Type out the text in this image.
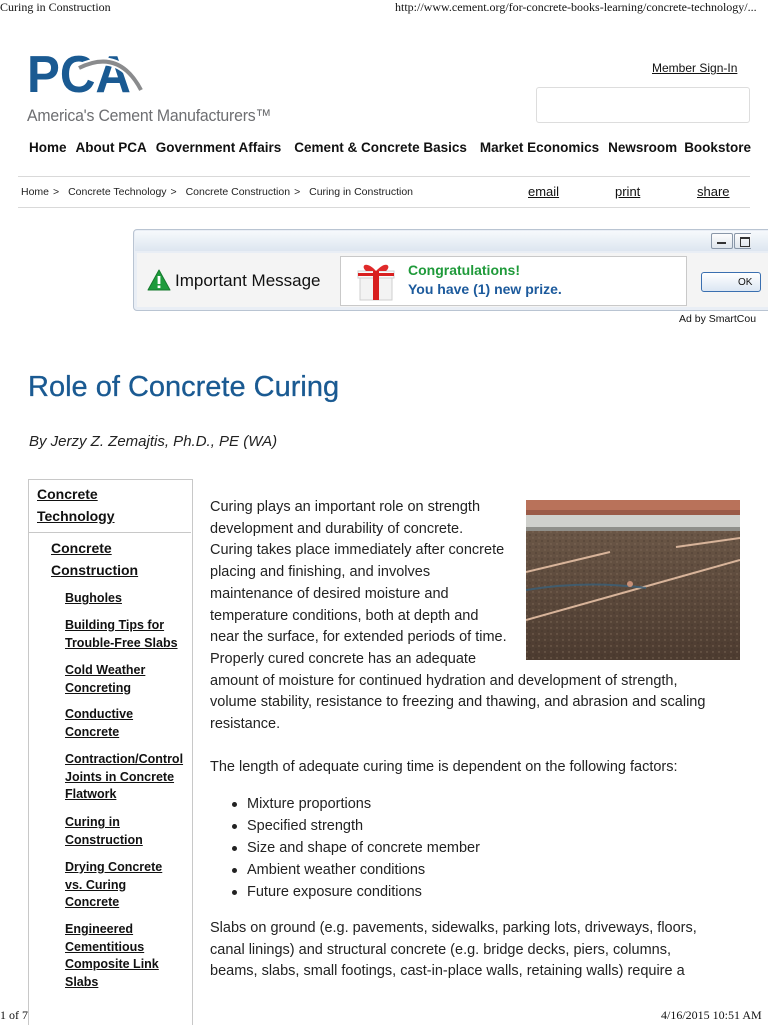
Curing in Construction	http://www.cement.org/for-concrete-books-learning/concrete-technology/...
PCA
America's Cement Manufacturers™
Member Sign-In
Home About PCA Government Affairs Cement & Concrete Basics Market Economics Newsroom Bookstore
Home > Concrete Technology > Concrete Construction > Curing in Construction	email	print	share
Important Message
Congratulations!
You have (1) new prize.	OK
Ad by SmartCou
Role of Concrete Curing
By Jerzy Z. Zemajtis, Ph.D., PE (WA)
Concrete
Technology
Concrete
Construction
Bugholes
Building Tips for
Trouble-Free Slabs
Cold Weather
Concreting
Conductive
Concrete
Contraction/Control
Joints in Concrete
Flatwork
Curing in
Construction
Drying Concrete
vs. Curing
Concrete
Engineered
Cementitious
Composite Link
Slabs
Curing plays an important role on strength
development and durability of concrete.
Curing takes place immediately after concrete
placing and finishing, and involves
maintenance of desired moisture and
temperature conditions, both at depth and
near the surface, for extended periods of time.
Properly cured concrete has an adequate
amount of moisture for continued hydration and development of strength,
volume stability, resistance to freezing and thawing, and abrasion and scaling
resistance.
The length of adequate curing time is dependent on the following factors:
Mixture proportions
Specified strength
Size and shape of concrete member
Ambient weather conditions
Future exposure conditions
Slabs on ground (e.g. pavements, sidewalks, parking lots, driveways, floors,
canal linings) and structural concrete (e.g. bridge decks, piers, columns,
beams, slabs, small footings, cast-in-place walls, retaining walls) require a
1 of 7	4/16/2015 10:51 AM
